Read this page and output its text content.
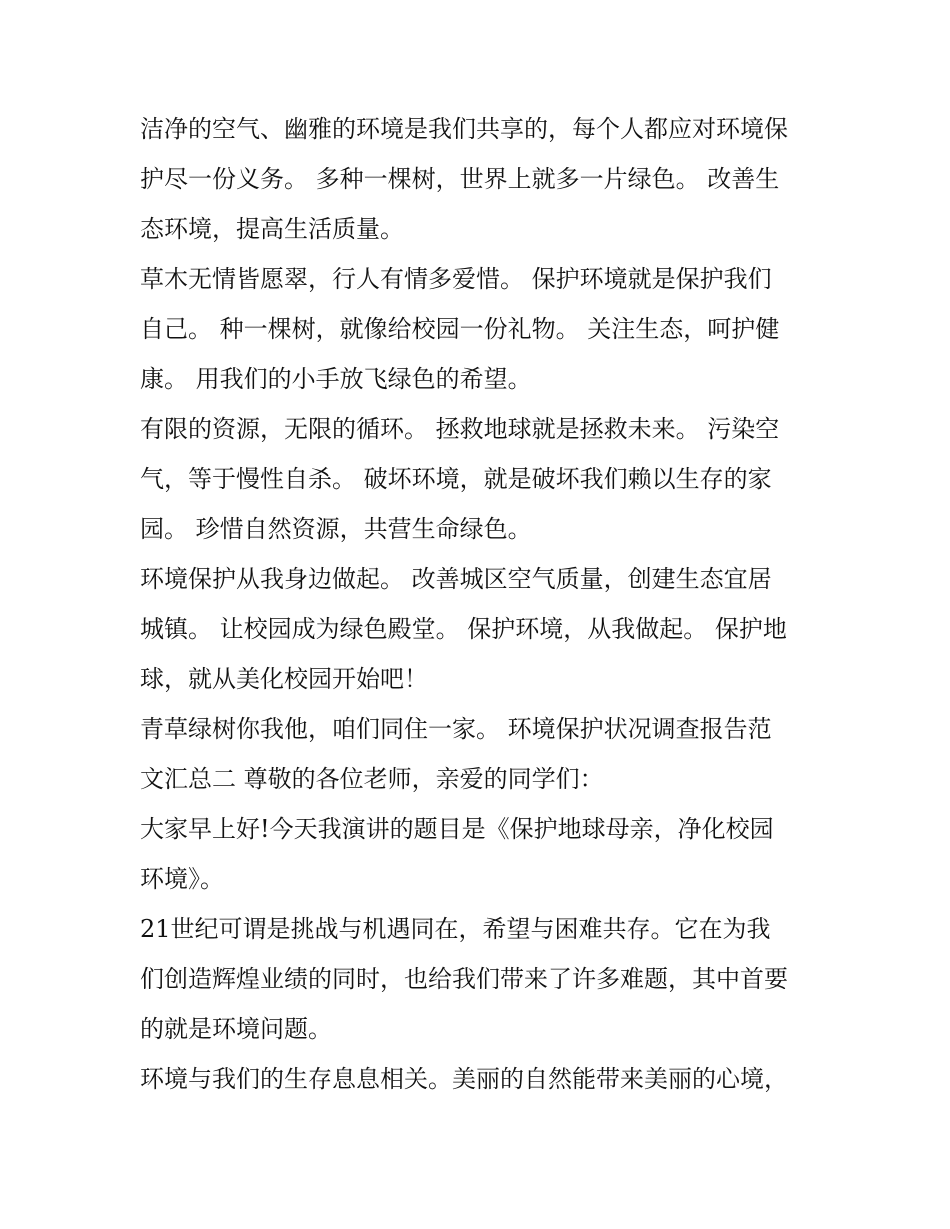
洁净的空气、幽雅的环境是我们共享的，每个人都应对环境保
护尽一份义务。 多种一棵树，世界上就多一片绿色。 改善生
态环境，提高生活质量。

草木无情皆愿翠，行人有情多爱惜。 保护环境就是保护我们
自己。 种一棵树，就像给校园一份礼物。 关注生态，呵护健
康。 用我们的小手放飞绿色的希望。

有限的资源，无限的循环。 拯救地球就是拯救未来。 污染空
气，等于慢性自杀。 破坏环境，就是破坏我们赖以生存的家
园。 珍惜自然资源，共营生命绿色。

环境保护从我身边做起。 改善城区空气质量，创建生态宜居
城镇。 让校园成为绿色殿堂。 保护环境，从我做起。 保护地
球，就从美化校园开始吧！

青草绿树你我他，咱们同住一家。 环境保护状况调查报告范
文汇总二 尊敬的各位老师，亲爱的同学们：

大家早上好!今天我演讲的题目是《保护地球母亲，净化校园
环境》。

21世纪可谓是挑战与机遇同在，希望与困难共存。它在为我
们创造辉煌业绩的同时，也给我们带来了许多难题，其中首要
的就是环境问题。

环境与我们的生存息息相关。美丽的自然能带来美丽的心境，
